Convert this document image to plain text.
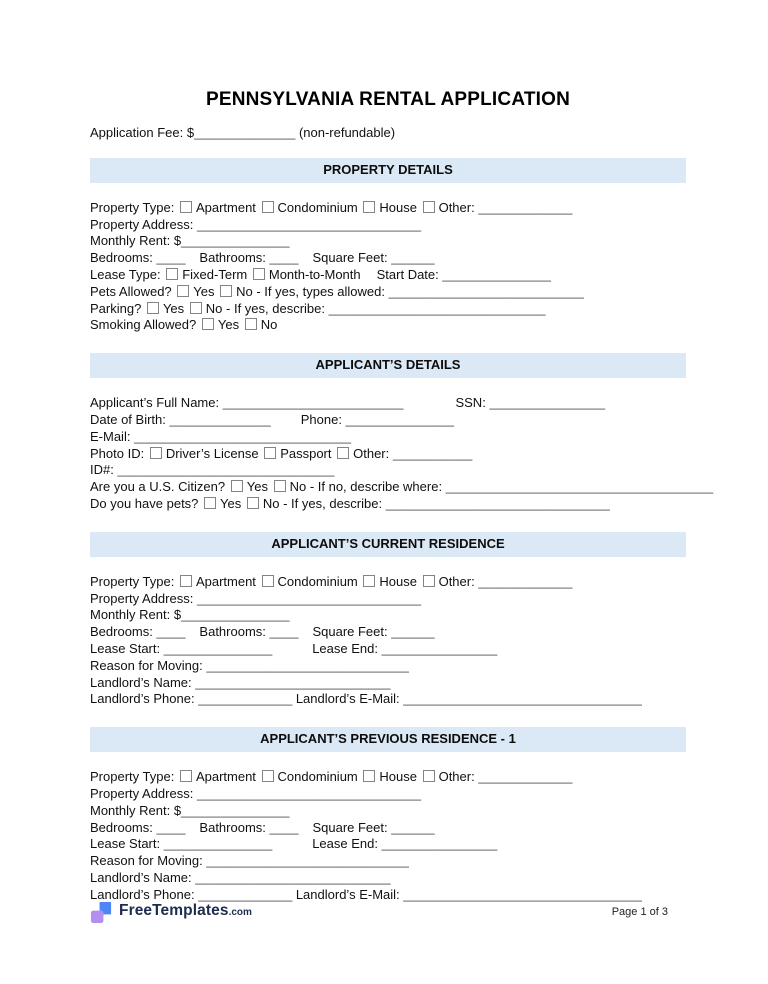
PENNSYLVANIA RENTAL APPLICATION
Application Fee: $______________ (non-refundable)
PROPERTY DETAILS
Property Type: Apartment Condominium House Other: _____________
Property Address: _______________________________
Monthly Rent: $_______________
Bedrooms: ____ Bathrooms: ____ Square Feet: ______
Lease Type: Fixed-Term Month-to-Month Start Date: _______________
Pets Allowed? Yes No - If yes, types allowed: ___________________________
Parking? Yes No - If yes, describe: ______________________________
Smoking Allowed? Yes No
APPLICANT’S DETAILS
Applicant’s Full Name: _________________________	SSN: ________________
Date of Birth: ______________ Phone: _______________
E-Mail: ______________________________
Photo ID: Driver’s License Passport Other: ___________
ID#: ______________________________
Are you a U.S. Citizen? Yes No - If no, describe where: _____________________________________
Do you have pets? Yes No - If yes, describe: _______________________________
APPLICANT’S CURRENT RESIDENCE
Property Type: Apartment Condominium House Other: _____________
Property Address: _______________________________
Monthly Rent: $_______________
Bedrooms: ____ Bathrooms: ____ Square Feet: ______
Lease Start: _______________	Lease End: ________________
Reason for Moving: ____________________________
Landlord’s Name: ___________________________
Landlord’s Phone: _____________ Landlord’s E-Mail: _________________________________
APPLICANT’S PREVIOUS RESIDENCE - 1
Property Type: Apartment Condominium House Other: _____________
Property Address: _______________________________
Monthly Rent: $_______________
Bedrooms: ____ Bathrooms: ____ Square Feet: ______
Lease Start: _______________	Lease End: ________________
Reason for Moving: ____________________________
Landlord’s Name: ___________________________
Landlord’s Phone: _____________ Landlord’s E-Mail: _________________________________
FreeTemplates.com	Page 1 of 3
